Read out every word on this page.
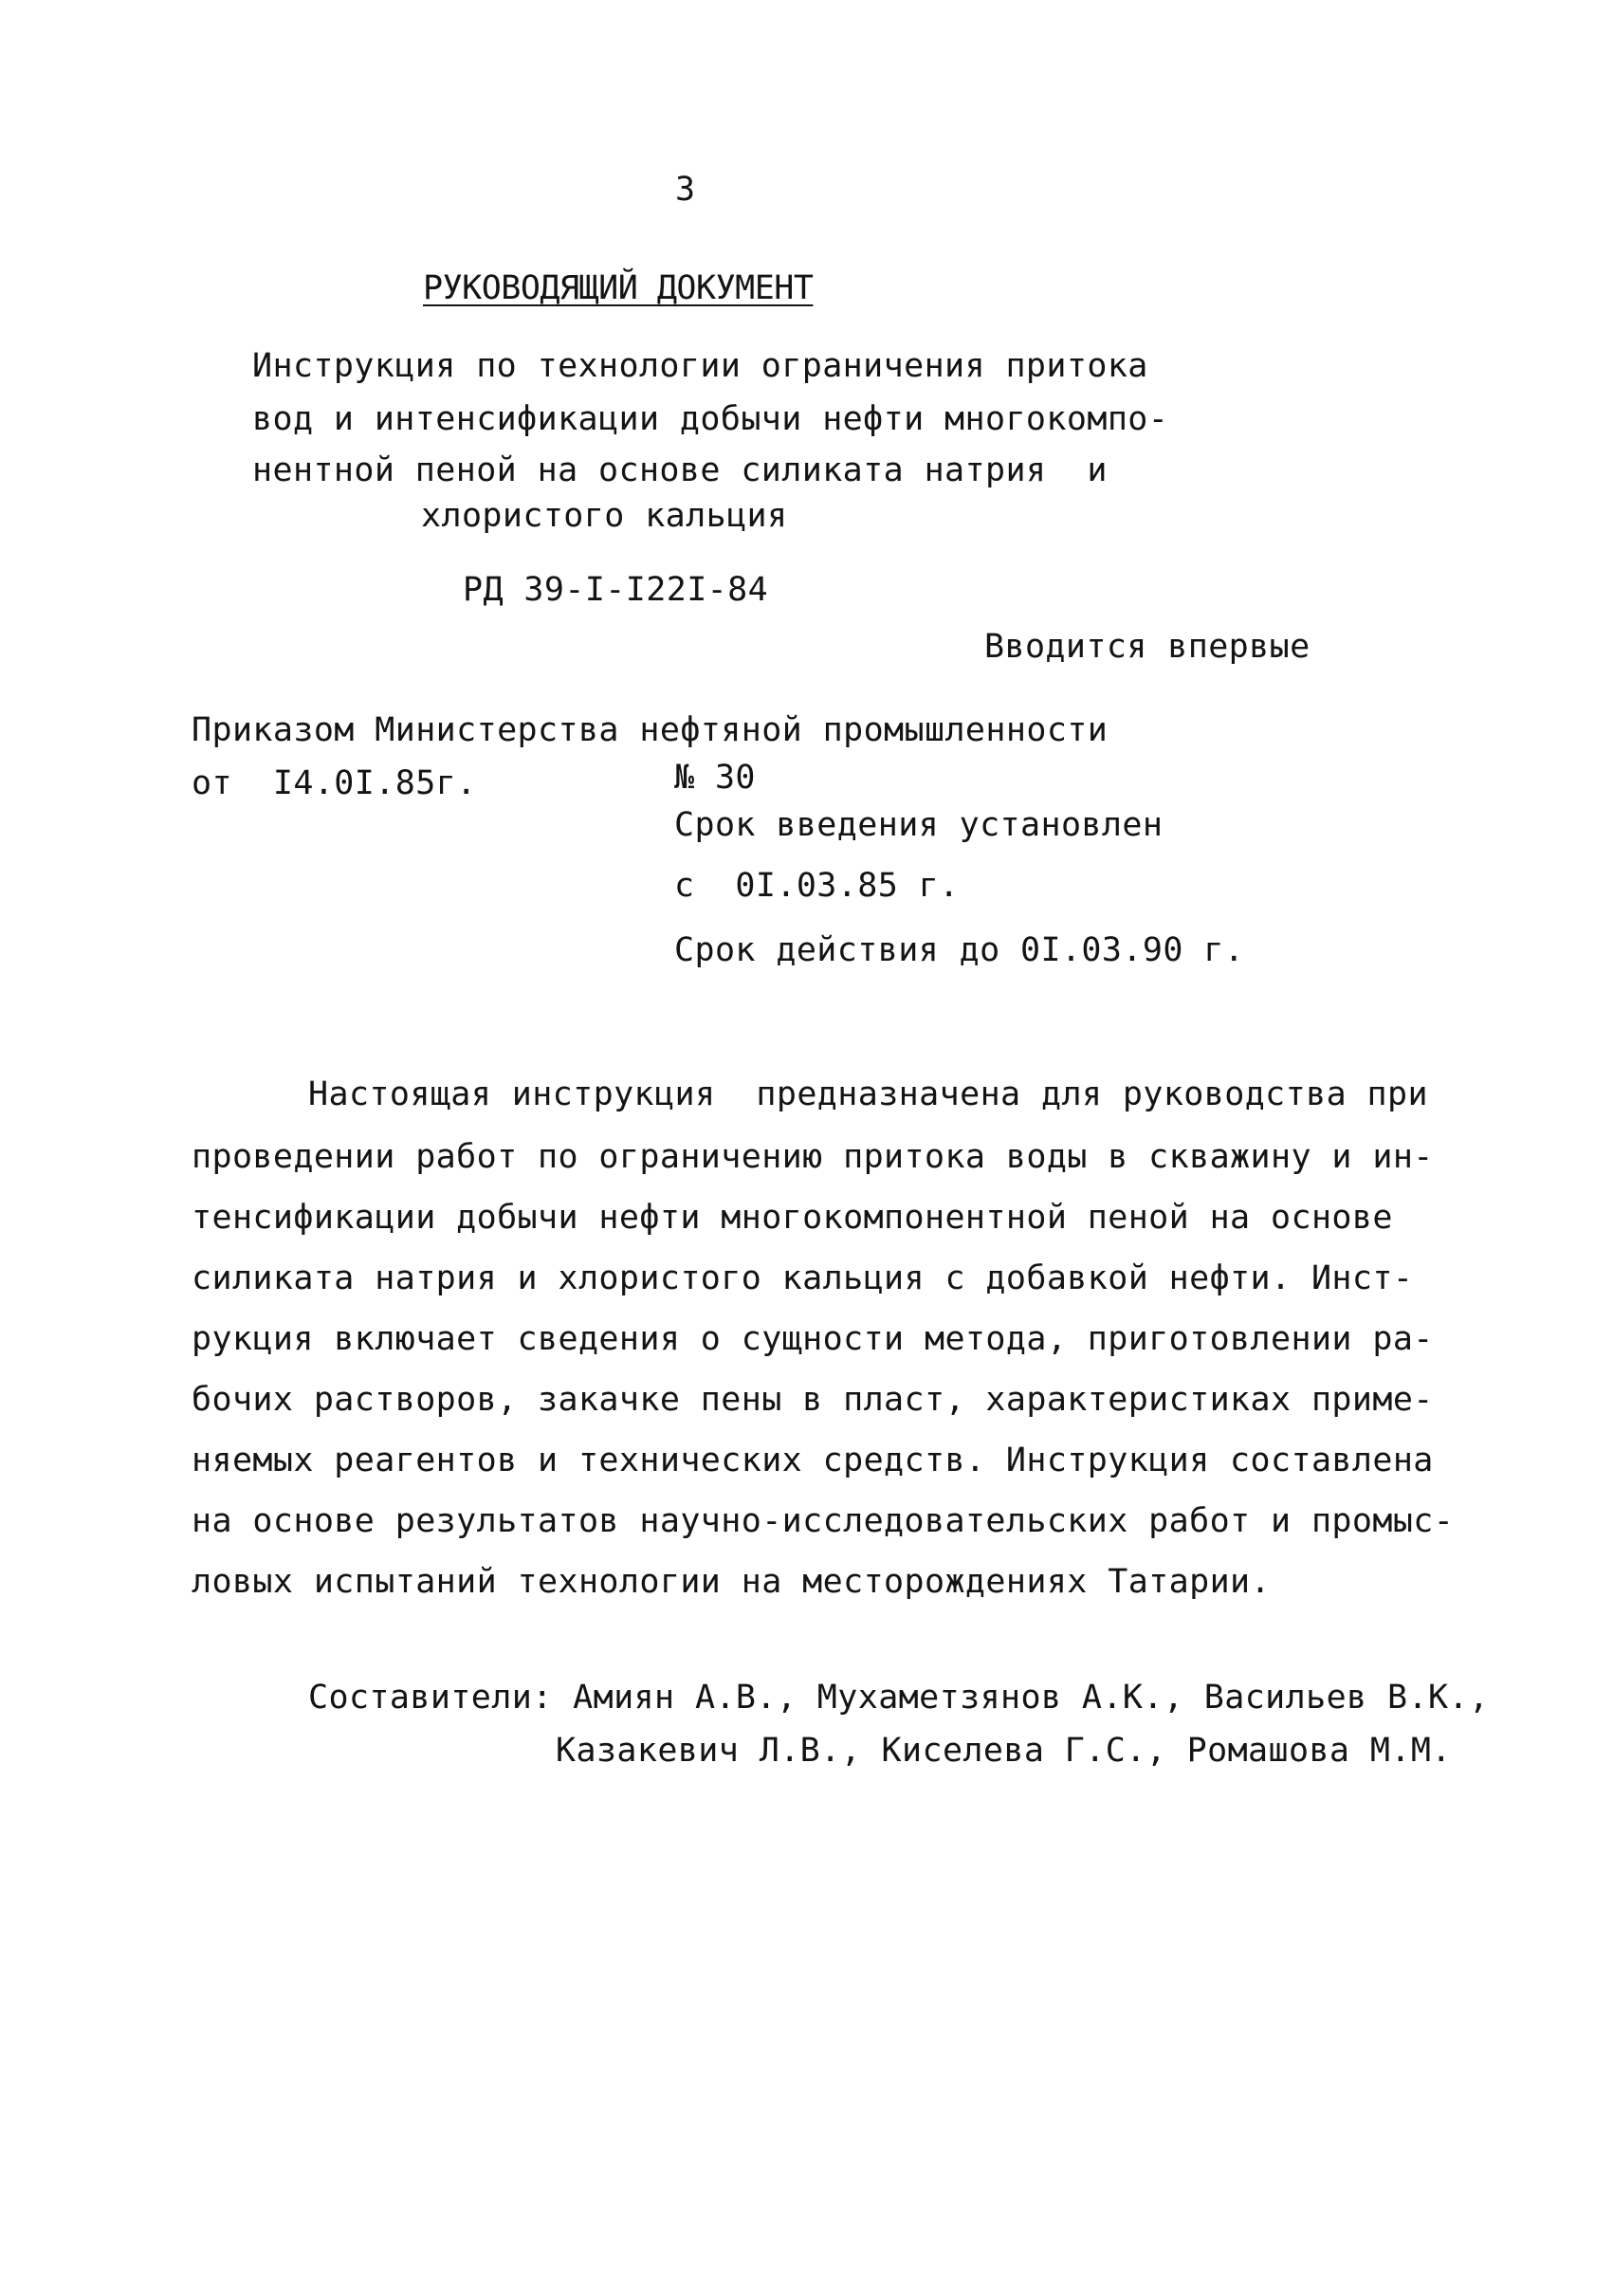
3
РУКОВОДЯЩИЙ ДОКУМЕНТ
Инструкция по технологии ограничения притока
вод и интенсификации добычи нефти многокомпо-
нентной пеной на основе силиката натрия  и
хлористого кальция
РД 39-I-I22I-84
Вводится впервые
Приказом Министерства нефтяной промышленности
от  I4.0I.85г.	№ 30
Срок введения установлен
с  0I.03.85 г.
Срок действия до 0I.03.90 г.
Настоящая инструкция  предназначена для руководства при
проведении работ по ограничению притока воды в скважину и ин-
тенсификации добычи нефти многокомпонентной пеной на основе
силиката натрия и хлористого кальция с добавкой нефти. Инст-
рукция включает сведения о сущности метода, приготовлении ра-
бочих растворов, закачке пены в пласт, характеристиках приме-
няемых реагентов и технических средств. Инструкция составлена
на основе результатов научно-исследовательских работ и промыс-
ловых испытаний технологии на месторождениях Татарии.
Составители: Амиян А.В., Мухаметзянов А.К., Васильев В.К.,
Казакевич Л.В., Киселева Г.С., Ромашова М.М.
